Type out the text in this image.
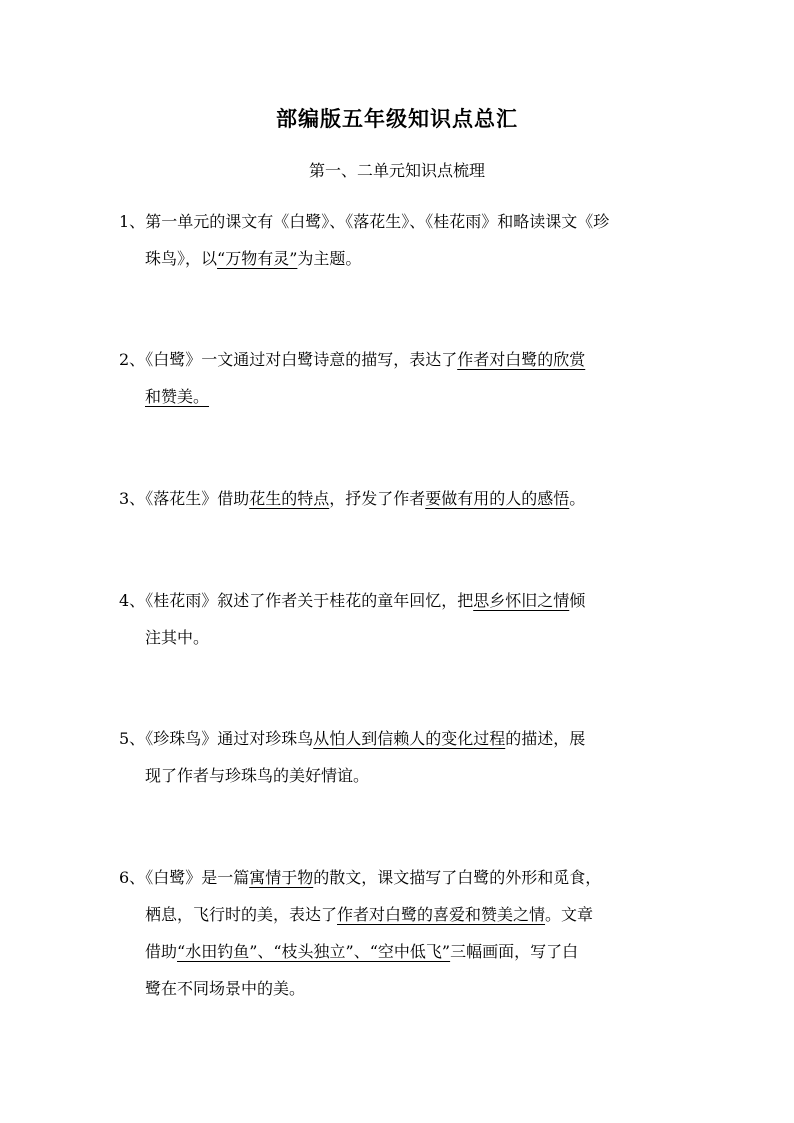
部编版五年级知识点总汇
第一、二单元知识点梳理
1、第一单元的课文有《白鹭》、《落花生》、《桂花雨》和略读课文《珍
珠鸟》，以“万物有灵”为主题。
2、《白鹭》一文通过对白鹭诗意的描写，表达了作者对白鹭的欣赏
和赞美。
3、《落花生》借助花生的特点，抒发了作者要做有用的人的感悟。
4、《桂花雨》叙述了作者关于桂花的童年回忆，把思乡怀旧之情倾
注其中。
5、《珍珠鸟》通过对珍珠鸟从怕人到信赖人的变化过程的描述，展
现了作者与珍珠鸟的美好情谊。
6、《白鹭》是一篇寓情于物的散文，课文描写了白鹭的外形和觅食，
栖息，飞行时的美，表达了作者对白鹭的喜爱和赞美之情。文章
借助“水田钓鱼”、“枝头独立”、“空中低飞”三幅画面，写了白
鹭在不同场景中的美。
